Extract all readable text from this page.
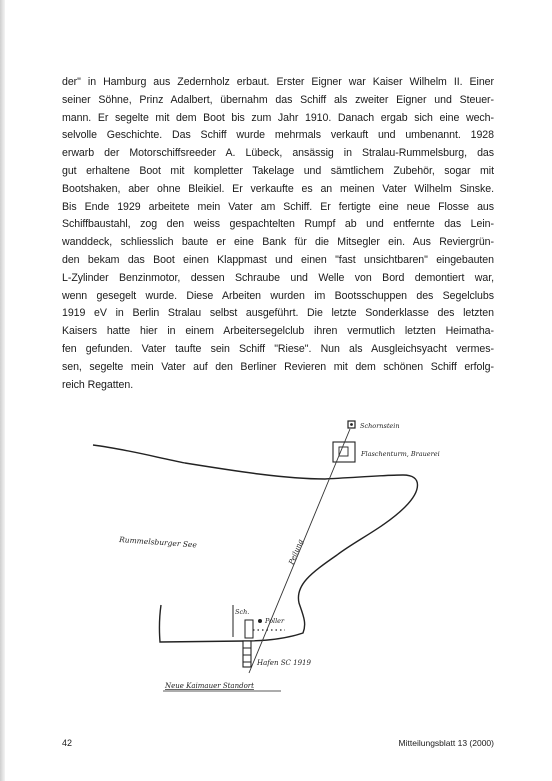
der" in Hamburg aus Zedernholz erbaut. Erster Eigner war Kaiser Wilhelm II. Einer
seiner Söhne, Prinz Adalbert, übernahm das Schiff als zweiter Eigner und Steuer-
mann. Er segelte mit dem Boot bis zum Jahr 1910. Danach ergab sich eine wech-
selvolle Geschichte. Das Schiff wurde mehrmals verkauft und umbenannt. 1928
erwarb der Motorschiffsreeder A. Lübeck, ansässig in Stralau-Rummelsburg, das
gut erhaltene Boot mit kompletter Takelage und sämtlichem Zubehör, sogar mit
Bootshaken, aber ohne Bleikiel. Er verkaufte es an meinen Vater Wilhelm Sinske.
Bis Ende 1929 arbeitete mein Vater am Schiff. Er fertigte eine neue Flosse aus
Schiffbaustahl, zog den weiss gespachtelten Rumpf ab und entfernte das Lein-
wanddeck, schliesslich baute er eine Bank für die Mitsegler ein. Aus Reviergrün-
den bekam das Boot einen Klappmast und einen "fast unsichtbaren" eingebauten
L-Zylinder Benzinmotor, dessen Schraube und Welle von Bord demontiert war,
wenn gesegelt wurde. Diese Arbeiten wurden im Bootsschuppen des Segelclubs
1919 eV in Berlin Stralau selbst ausgeführt. Die letzte Sonderklasse des letzten
Kaisers hatte hier in einem Arbeitersegelclub ihren vermutlich letzten Heimatha-
fen gefunden. Vater taufte sein Schiff "Riese". Nun als Ausgleichsyacht vermes-
sen, segelte mein Vater auf den Berliner Revieren mit dem schönen Schiff erfolg-
reich Regatten.

Schornstein
Flaschenturm, Brauerei
Rummelsburger See	Peilung
Sch.
Poller
Hafen SC 1919
Neue Kaimauer Standort
42	Mitteilungsblatt 13 (2000)
